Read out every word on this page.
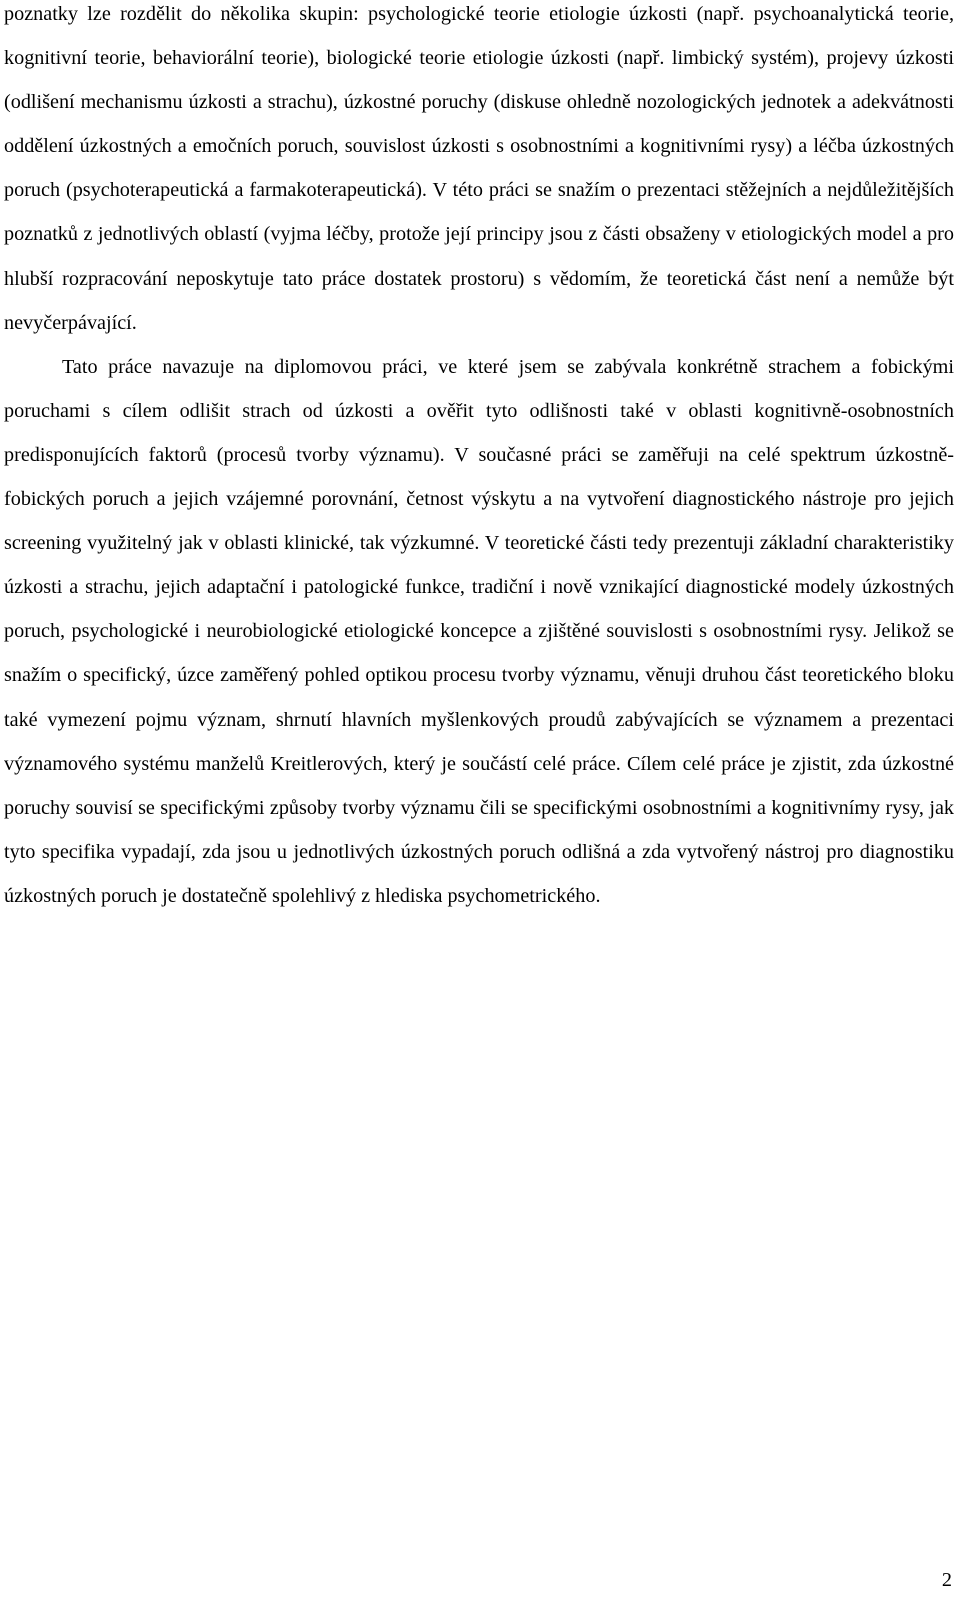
poznatky lze rozdělit do několika skupin: psychologické teorie etiologie úzkosti (např. psychoanalytická teorie, kognitivní teorie, behaviorální teorie), biologické teorie etiologie úzkosti (např. limbický systém), projevy úzkosti (odlišení mechanismu úzkosti a strachu), úzkostné poruchy (diskuse ohledně nozologických jednotek a adekvátnosti oddělení úzkostných a emočních poruch, souvislost úzkosti s osobnostními a kognitivními rysy) a léčba úzkostných poruch (psychoterapeutická a farmakoterapeutická). V této práci se snažím o prezentaci stěžejních a nejdůležitějších poznatků z jednotlivých oblastí (vyjma léčby, protože její principy jsou z části obsaženy v etiologických model a pro hlubší rozpracování neposkytuje tato práce dostatek prostoru) s vědomím, že teoretická část není a nemůže být nevyčerpávající.

Tato práce navazuje na diplomovou práci, ve které jsem se zabývala konkrétně strachem a fobickými poruchami s cílem odlišit strach od úzkosti a ověřit tyto odlišnosti také v oblasti kognitivně-osobnostních predisponujících faktorů (procesů tvorby významu). V současné práci se zaměřuji na celé spektrum úzkostně-fobických poruch a jejich vzájemné porovnání, četnost výskytu a na vytvoření diagnostického nástroje pro jejich screening využitelný jak v oblasti klinické, tak výzkumné. V teoretické části tedy prezentuji základní charakteristiky úzkosti a strachu, jejich adaptační i patologické funkce, tradiční i nově vznikající diagnostické modely úzkostných poruch, psychologické i neurobiologické etiologické koncepce a zjištěné souvislosti s osobnostními rysy. Jelikož se snažím o specifický, úzce zaměřený pohled optikou procesu tvorby významu, věnuji druhou část teoretického bloku také vymezení pojmu význam, shrnutí hlavních myšlenkových proudů zabývajících se významem a prezentaci významového systému manželů Kreitlerových, který je součástí celé práce. Cílem celé práce je zjistit, zda úzkostné poruchy souvisí se specifickými způsoby tvorby významu čili se specifickými osobnostními a kognitivnímy rysy, jak tyto specifika vypadají, zda jsou u jednotlivých úzkostných poruch odlišná a zda vytvořený nástroj pro diagnostiku úzkostných poruch je dostatečně spolehlivý z hlediska psychometrického.

2
